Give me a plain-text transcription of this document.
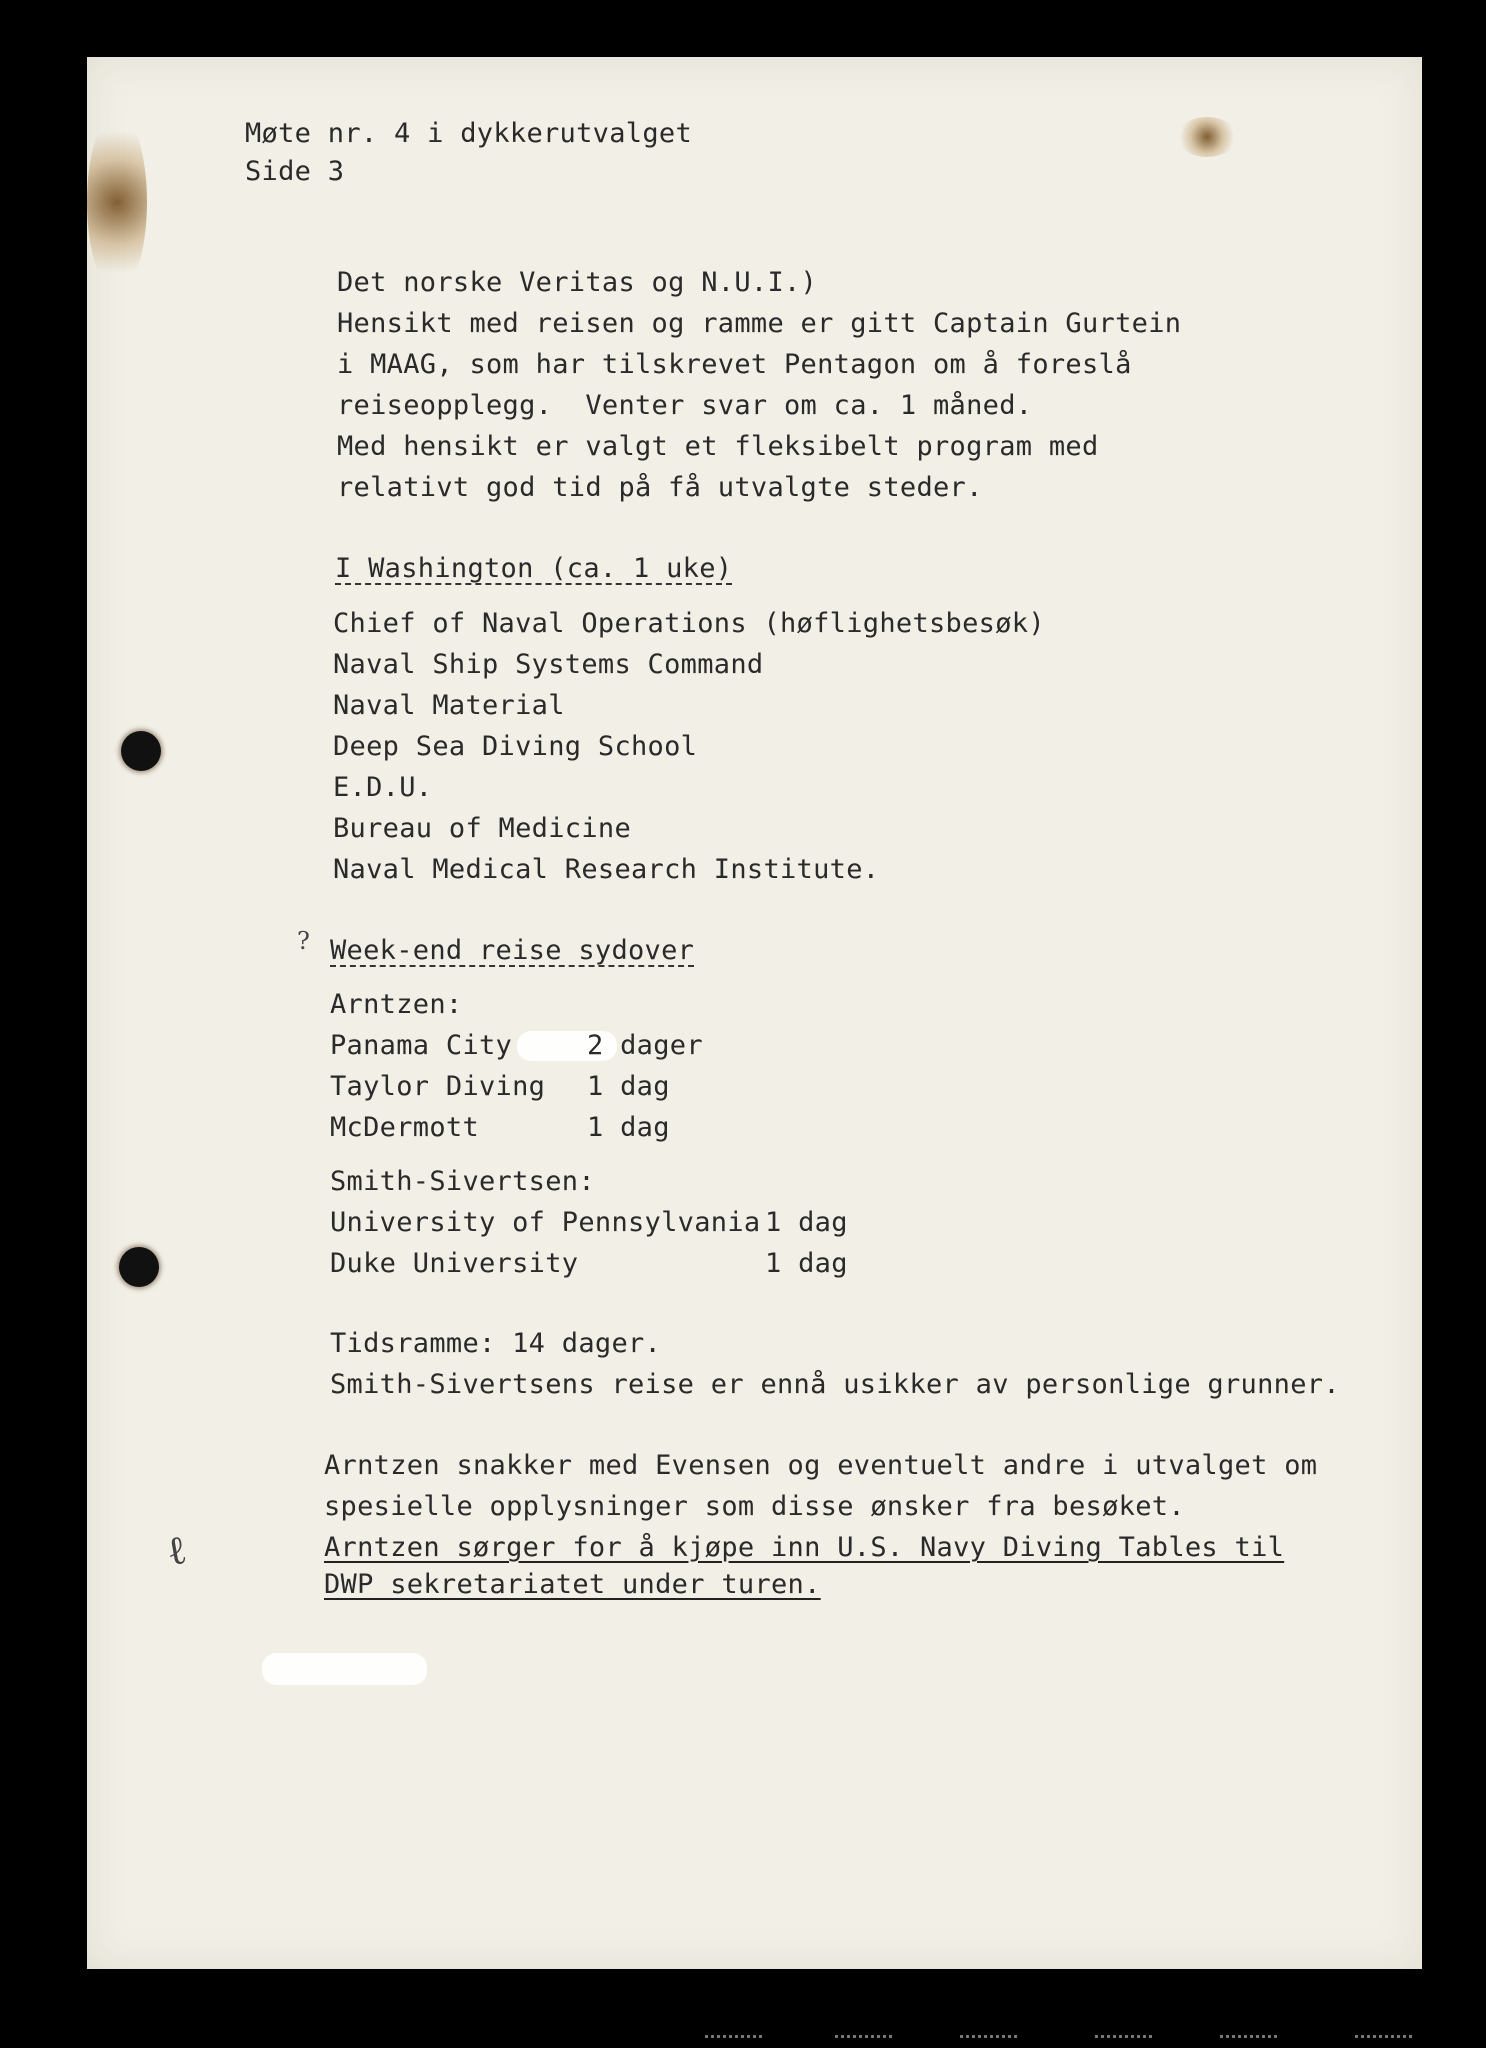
?
ℓ
Møte nr. 4 i dykkerutvalget
Side 3
Det norske Veritas og N.U.I.)
Hensikt med reisen og ramme er gitt Captain Gurtein
i MAAG, som har tilskrevet Pentagon om å foreslå
reiseopplegg.  Venter svar om ca. 1 måned.
Med hensikt er valgt et fleksibelt program med
relativt god tid på få utvalgte steder.
I Washington (ca. 1 uke)
Chief of Naval Operations (høflighetsbesøk)
Naval Ship Systems Command
Naval Material
Deep Sea Diving School
E.D.U.
Bureau of Medicine
Naval Medical Research Institute.
Week-end reise sydover
Arntzen:
Panama City	2 dager
Taylor Diving 1 dag
McDermott	1 dag
Smith-Sivertsen:
University of Pennsylvania 1 dag
Duke University	1 dag
Tidsramme: 14 dager.
Smith-Sivertsens reise er ennå usikker av personlige grunner.
Arntzen snakker med Evensen og eventuelt andre i utvalget om
spesielle opplysninger som disse ønsker fra besøket.
Arntzen sørger for å kjøpe inn U.S. Navy Diving Tables til
DWP sekretariatet under turen.
